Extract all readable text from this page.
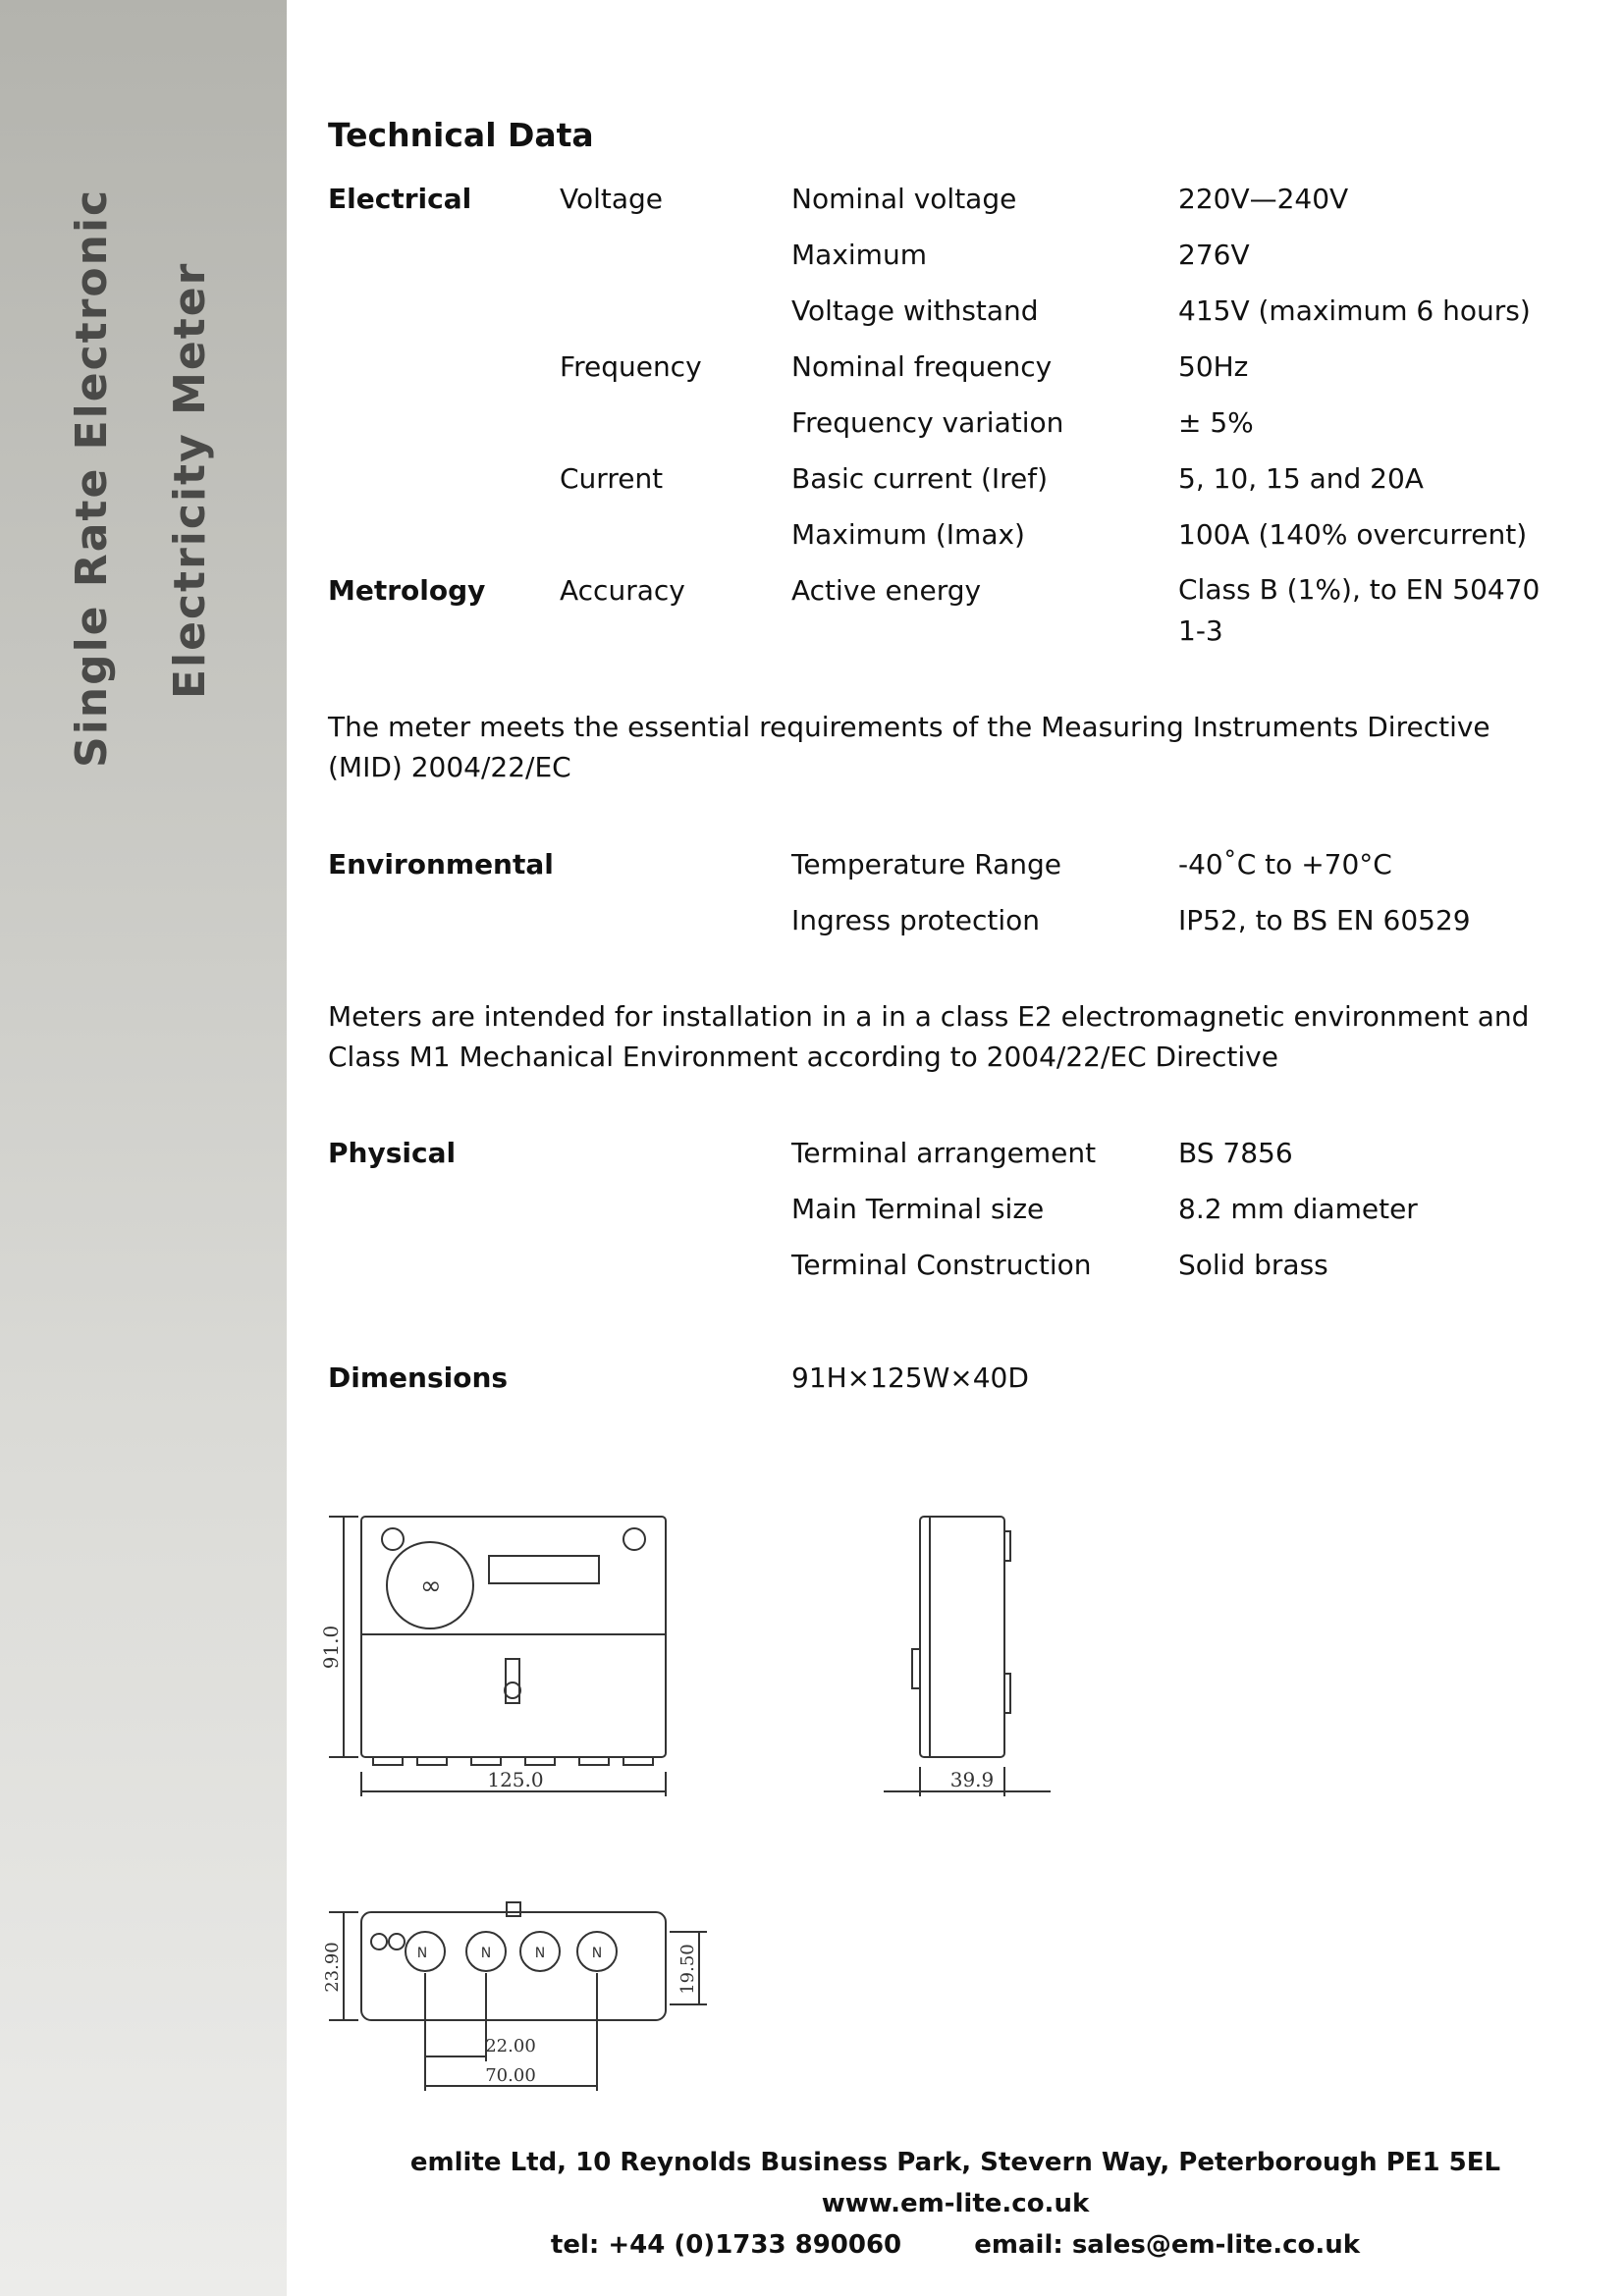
Single Rate Electronic Electricity Meter
Technical Data
Electrical	Voltage	Nominal voltage	220V—240V
Maximum	276V
Voltage withstand	415V (maximum 6 hours)
Frequency	Nominal frequency	50Hz
Frequency variation	± 5%
Current	Basic current (Iref)	5, 10, 15 and 20A
Maximum (Imax)	100A (140% overcurrent)
Metrology	Accuracy	Active energy	Class B (1%), to EN 50470 1-3
The meter meets the essential requirements of the Measuring Instruments Directive (MID) 2004/22/EC
Environmental	Temperature Range	-40˚C to +70°C
Ingress protection	IP52, to BS EN 60529
Meters are intended for installation in a in a class E2 electromagnetic environment and Class M1 Mechanical Environment according to 2004/22/EC Directive
Physical	Terminal arrangement	BS 7856
Main Terminal size	8.2 mm diameter
Terminal Construction	Solid brass
Dimensions	91H×125W×40D
∞
125.0
91.0
39.9
N	N	N	N
23.90	19.50
22.00
70.00
emlite Ltd, 10 Reynolds Business Park, Stevern Way, Peterborough PE1 5EL
www.em-lite.co.uk
tel: +44 (0)1733 890060	email: sales@em-lite.co.uk
